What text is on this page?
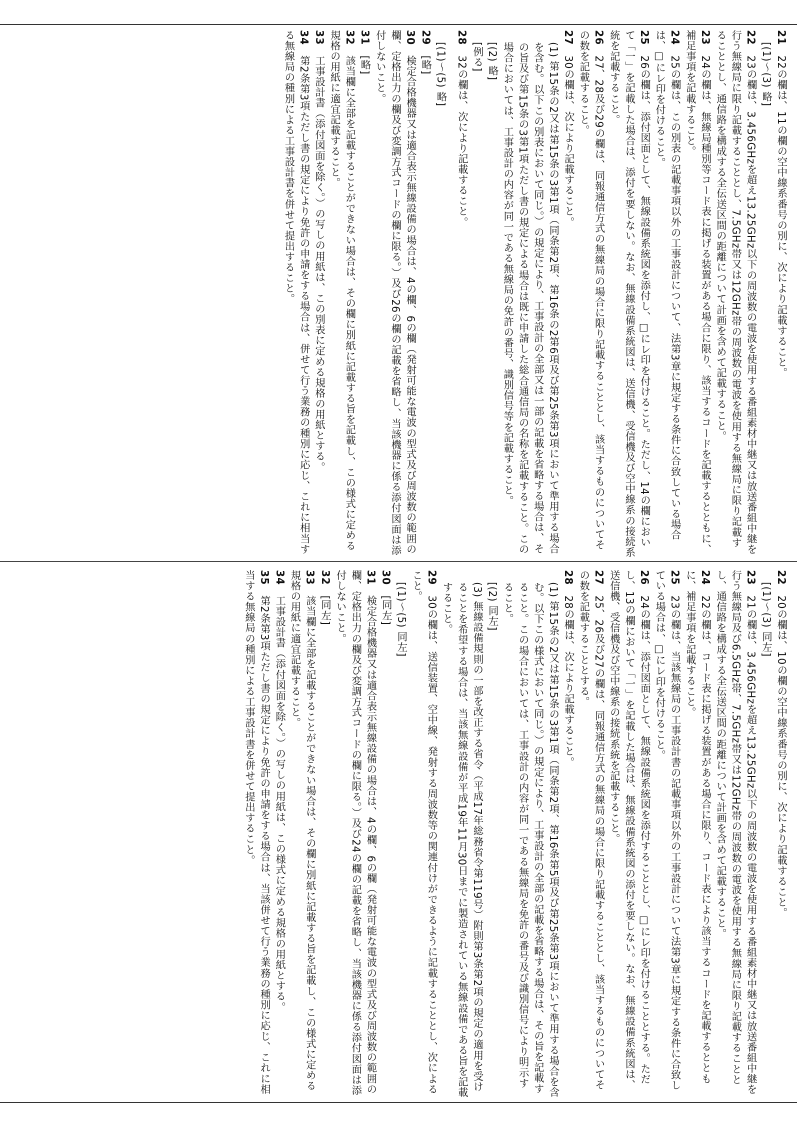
21　22の欄は、11の欄の空中線系番号の別に、次により記載すること。

[(1)〜(3) 略]

22　23の欄は、3.456GHzを超え13.25GHz以下の周波数の電波を使用する番組素材中継又は放送番組中継を行う無線局に限り記載することとし、7.5GHz帯又は12GHz帯の周波数の電波を使用する無線局に限り記載することとし、通信路を構成する全伝送区間の距離について計画を含めて記載すること。

23　24の欄は、無線局種別等コード表に掲げる装置がある場合に限り、該当するコードを記載するとともに、補足事項を記載すること。

24　25の欄は、この別表の記載事項以外の工事設計について、法第3章に規定する条件に合致している場合は、□にレ印を付けること。

25　26の欄は、添付図面として、無線設備系統図を添付し、□にレ印を付けること。ただし、14の欄において「一」を記載した場合は、添付を要しない。なお、無線設備系統図は、送信機、受信機及び空中線系の接続系統を記載すること。

26　27、28及び29の欄は、同報通信方式の無線局の場合に限り記載することとし、該当するものについてその数を記載すること。

27　30の欄は、次により記載すること。

(1) 第15条の2又は第15条の3第1項（同条第2項、第16条の2第6項及び第25条第3項において準用する場合を含む。以下この別表において同じ。）の規定により、工事設計の全部又は一部の記載を省略する場合は、その旨及び第15条の3第1項ただし書の規定による場合は既に申請した総合通信局の名称を記載すること。この場合においては、工事設計の内容が同一である無線局の免許の番号、識別信号等を記載すること。

[(2) 略]

[例る]

28　32の欄は、次により記載すること。

[(1)〜(5) 略]

29　[略]

30　検定合格機器又は適合表示無線設備の場合は、4の欄、6の欄（発射可能な電波の型式及び周波数の範囲の欄、定格出力の欄及び変調方式コードの欄に限る。）及び26の欄の記載を省略し、当該機器に係る添付図面は添付しないこと。

31　[略]

32　該当欄に全部を記載することができない場合は、その欄に別紙に記載する旨を記載し、この様式に定める規格の用紙に適宜記載すること。

33　工事設計書（添付図面を除く。）の写しの用紙は、この別表に定める規格の用紙とする。

34　第2条第3項ただし書の規定により免許の申請をする場合は、併せて行う業務の種別に応じ、これに相当する無線局の種別による工事設計書を併せて提出すること。

22　20の欄は、10の欄の空中線系番号の別に、次により記載すること。

[(1)〜(3) 同左]

23　21の欄は、3.456GHzを超え13.25GHz以下の周波数の電波を使用する番組素材中継又は放送番組中継を行う無線局及び6.5GHz帯、7.5GHz帯又は12GHz帯の周波数の電波を使用する無線局に限り記載することとし、通信路を構成する全伝送区間の距離について計画を含めて記載すること。

24　22の欄は、コード表に掲げる装置がある場合に限り、コード表により該当するコードを記載するとともに、補足事項を記載すること。

25　23の欄は、当該無線局の工事設計書の記載事項以外の工事設計について法第3章に規定する条件に合致している場合は、□にレ印を付けること。

26　24の欄は、添付図面として、無線設備系統図を添付することとし、□にレ印を付けることとする。ただし、13の欄において「一」を記載した場合は、無線設備系統図の添付を要しない。なお、無線設備系統図は、送信機、受信機及び空中線系の接続系統を記載すること。

27　25、26及び27の欄は、同報通信方式の無線局の場合に限り記載することとし、該当するものについてその数を記載することとする。

28　28の欄は、次により記載すること。

(1) 第15条の2又は第15条の3第1項（同条第2項、第16条第5項及び第25条第3項において準用する場合を含む。以下この様式において同じ。）の規定により、工事設計の全部の記載を省略する場合は、その旨を記載すること。この場合においては、工事設計の内容が同一である無線局を免許の番号及び識別信号により明示すること。

[(2) 同左]

(3) 無線設備規則の一部を改正する省令（平成17年総務省令第119号）附則第3条第2項の規定の適用を受けることを希望する場合は、当該無線設備が平成19年11月30日までに製造されている無線設備である旨を記載すること。

29　30の欄は、送信装置、空中線、発射する周波数等の関連付けができるように記載することとし、次によること。

[(1)〜(5) 同左]

30　[同左]

31　検定合格機器又は適合表示無線設備の場合は、4の欄、6の欄（発射可能な電波の型式及び周波数の範囲の欄、定格出力の欄及び変調方式コードの欄に限る。）及び24の欄の記載を省略し、当該機器に係る添付図面は添付しないこと。

32　[同左]

33　該当欄に全部を記載することができない場合は、その欄に別紙に記載する旨を記載し、この様式に定める規格の用紙に適宜記載すること。

34　工事設計書（添付図面を除く。）の写しの用紙は、この様式に定める規格の用紙とする。

35　第2条第3項ただし書の規定により免許の申請をする場合は、当該併せて行う業務の種別に応じ、これに相当する無線局の種別による工事設計書を併せて提出すること。
